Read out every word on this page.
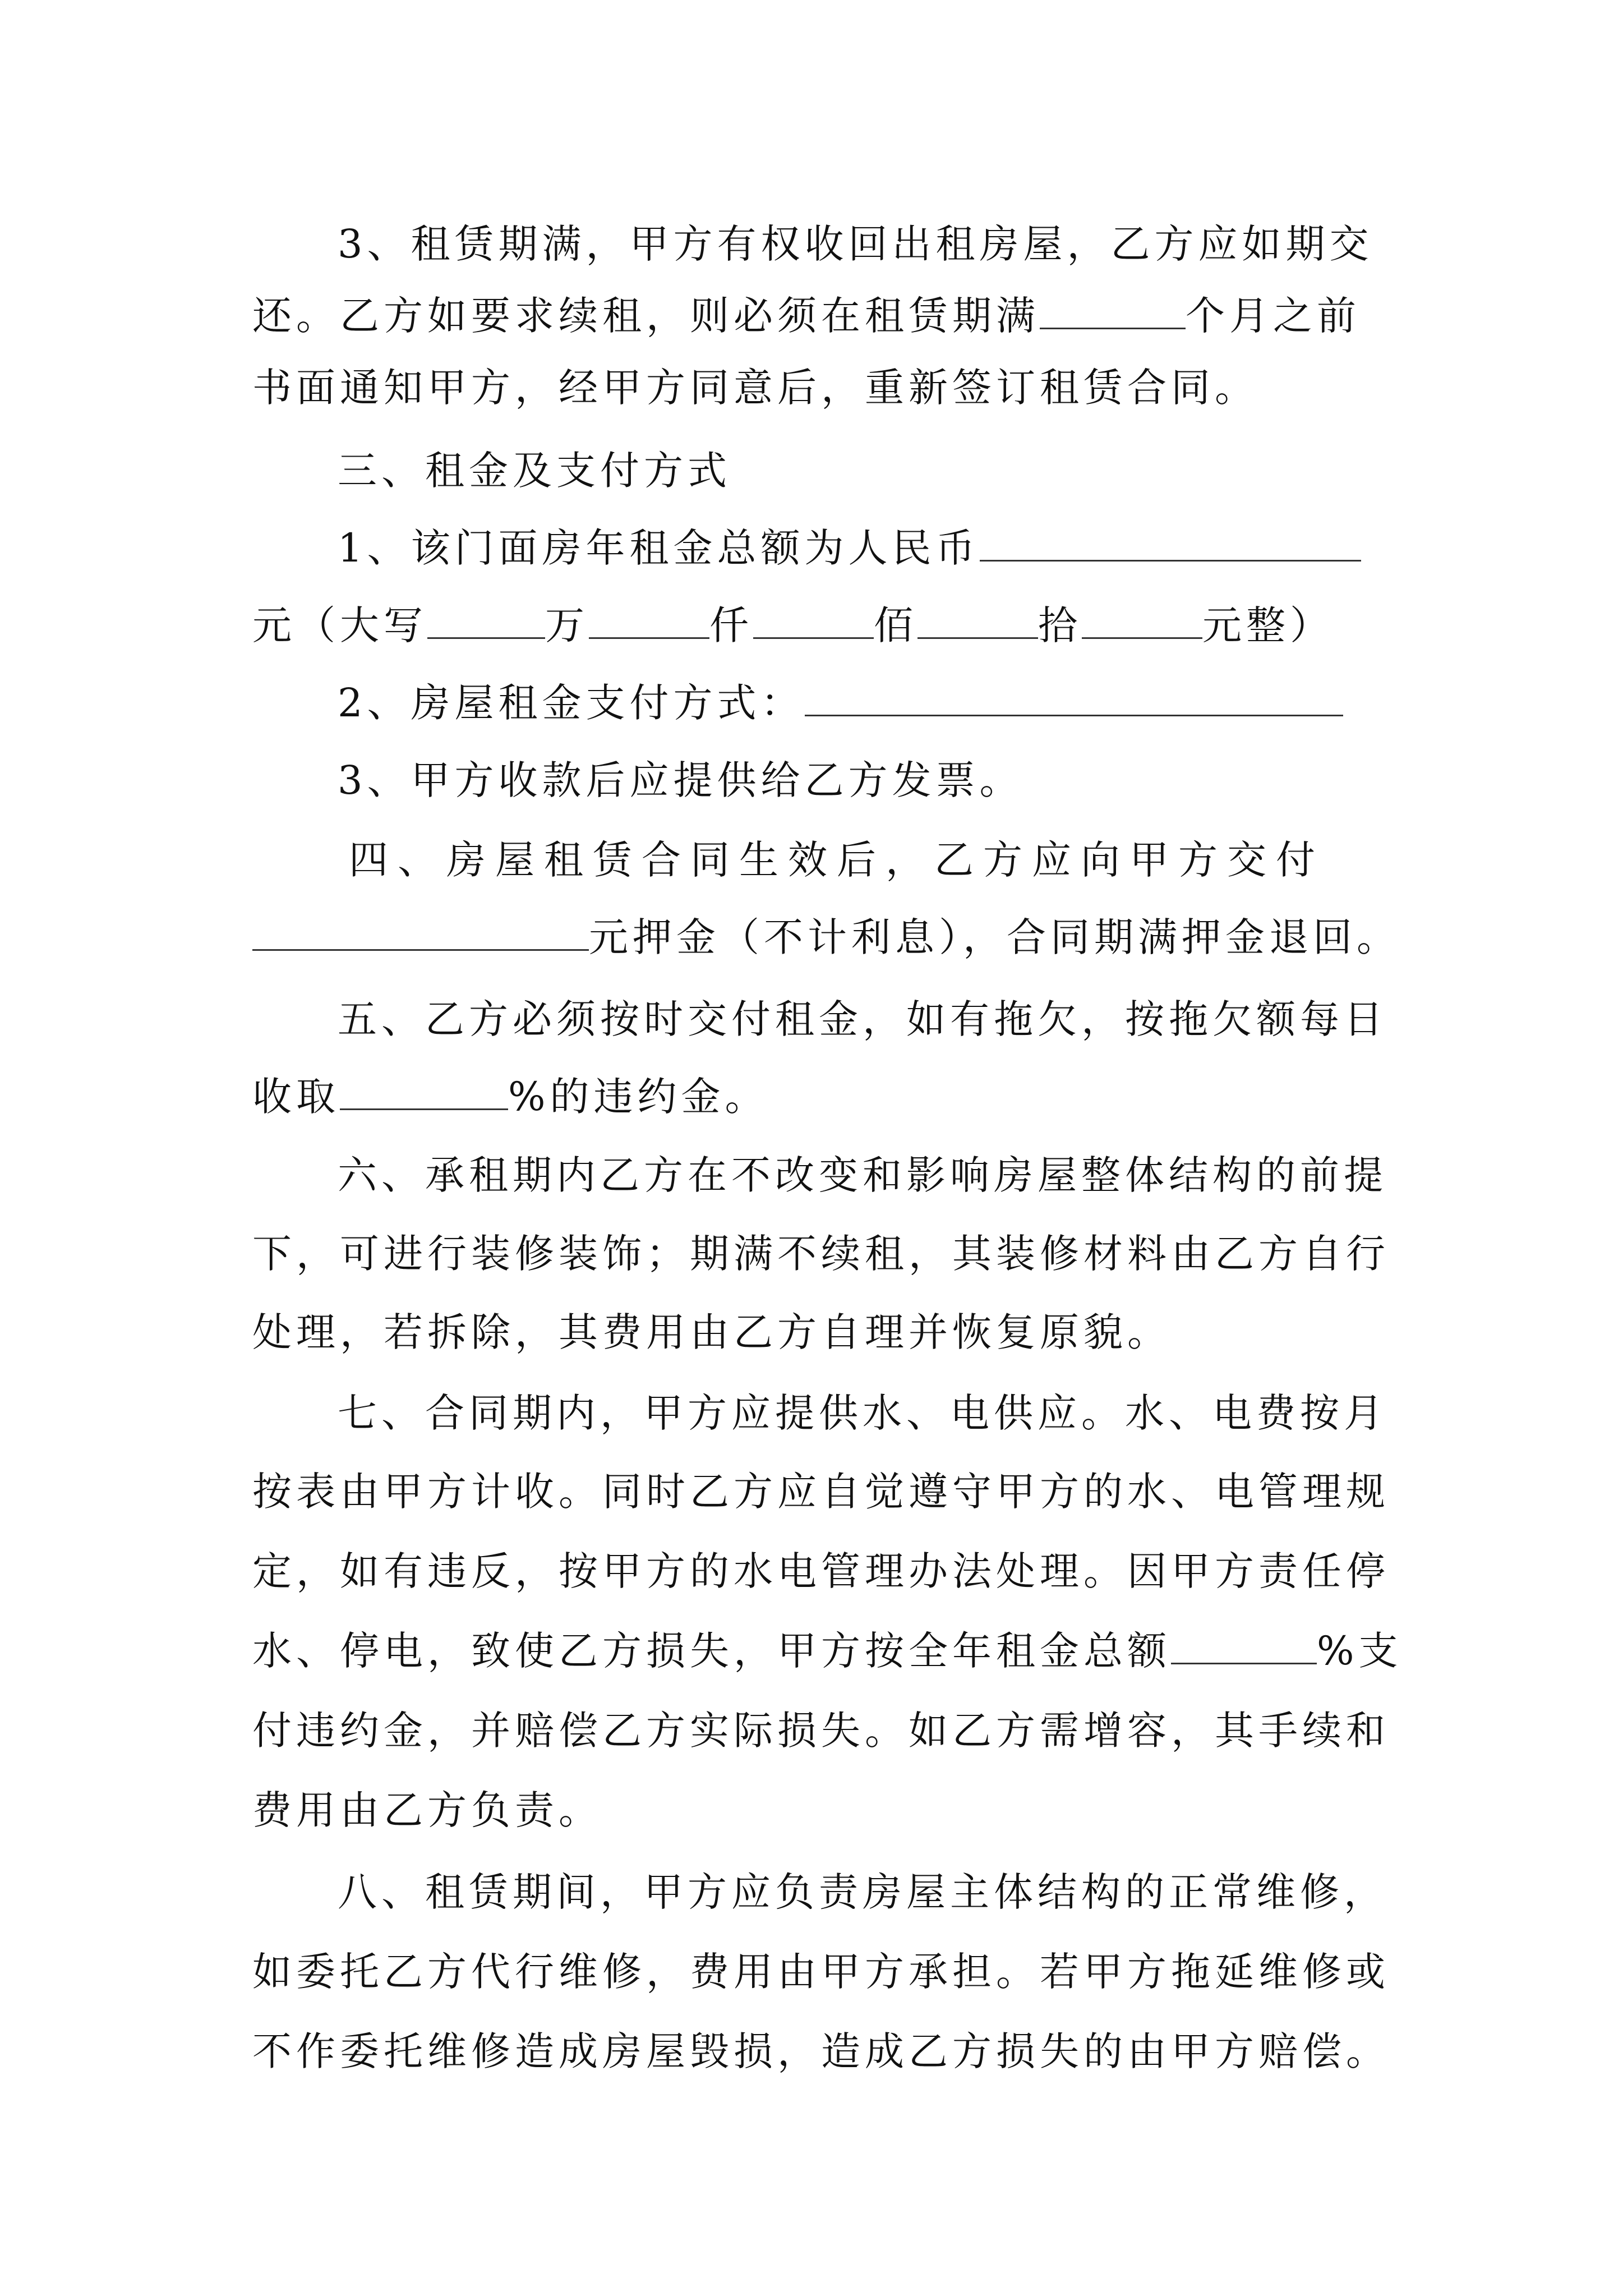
3、租赁期满，甲方有权收回出租房屋，乙方应如期交
还。乙方如要求续租，则必须在租赁期满	个月之前
书面通知甲方，经甲方同意后，重新签订租赁合同。
三、租金及支付方式
1、该门面房年租金总额为人民币
元（大写	万	仟	佰	拾	元整）
2、房屋租金支付方式：
3、甲方收款后应提供给乙方发票。
四、房屋租赁合同生效后，乙方应向甲方交付
元押金（不计利息），合同期满押金退回。
五、乙方必须按时交付租金，如有拖欠，按拖欠额每日
收取	%的违约金。
六、承租期内乙方在不改变和影响房屋整体结构的前提
下，可进行装修装饰；期满不续租，其装修材料由乙方自行
处理，若拆除，其费用由乙方自理并恢复原貌。
七、合同期内，甲方应提供水、电供应。水、电费按月
按表由甲方计收。同时乙方应自觉遵守甲方的水、电管理规
定，如有违反，按甲方的水电管理办法处理。因甲方责任停
水、停电，致使乙方损失，甲方按全年租金总额	%支
付违约金，并赔偿乙方实际损失。如乙方需增容，其手续和
费用由乙方负责。
八、租赁期间，甲方应负责房屋主体结构的正常维修，
如委托乙方代行维修，费用由甲方承担。若甲方拖延维修或
不作委托维修造成房屋毁损，造成乙方损失的由甲方赔偿。
